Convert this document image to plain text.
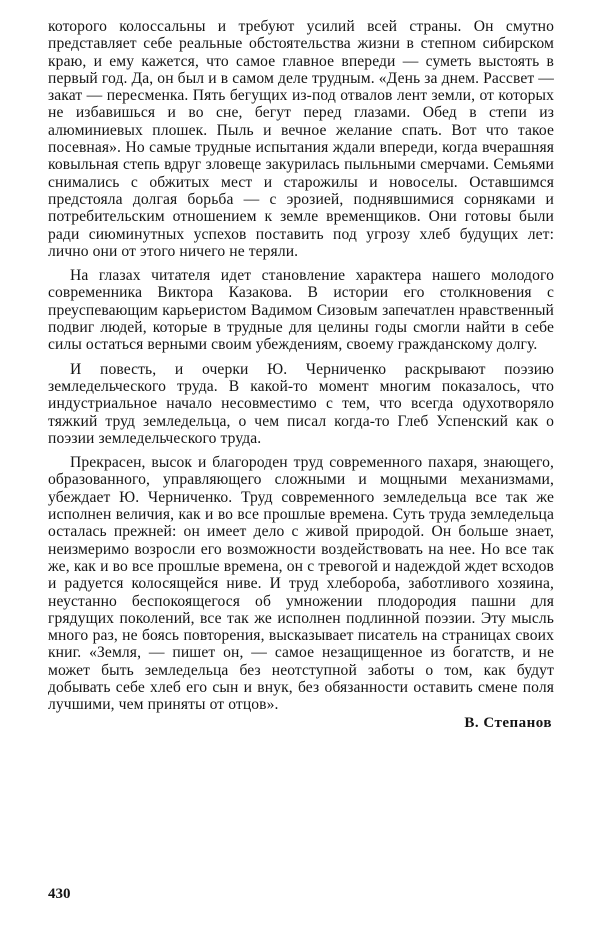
которого колоссальны и требуют усилий всей страны. Он смутно представляет себе реальные обстоятельства жизни в степном сибирском краю, и ему кажется, что самое главное впереди — суметь выстоять в первый год. Да, он был и в самом деле трудным. «День за днем. Рассвет — закат — пересменка. Пять бегущих из-под отвалов лент земли, от которых не избавишься и во сне, бегут перед глазами. Обед в степи из алюминиевых плошек. Пыль и вечное желание спать. Вот что такое посевная». Но самые трудные испытания ждали впереди, когда вчерашняя ковыльная степь вдруг зловеще закурилась пыльными смерчами. Семьями снимались с обжитых мест и старожилы и новоселы. Оставшимся предстояла долгая борьба — с эрозией, поднявшимися сорняками и потребительским отношением к земле временщиков. Они готовы были ради сиюминутных успехов поставить под угрозу хлеб будущих лет: лично они от этого ничего не теряли.

На глазах читателя идет становление характера нашего молодого современника Виктора Казакова. В истории его столкновения с преуспевающим карьеристом Вадимом Сизовым запечатлен нравственный подвиг людей, которые в трудные для целины годы смогли найти в себе силы остаться верными своим убеждениям, своему гражданскому долгу.

И повесть, и очерки Ю. Черниченко раскрывают поэзию земледельческого труда. В какой-то момент многим показалось, что индустриальное начало несовместимо с тем, что всегда одухотворяло тяжкий труд земледельца, о чем писал когда-то Глеб Успенский как о поэзии земледельческого труда.

Прекрасен, высок и благороден труд современного пахаря, знающего, образованного, управляющего сложными и мощными механизмами, убеждает Ю. Черниченко. Труд современного земледельца все так же исполнен величия, как и во все прошлые времена. Суть труда земледельца осталась прежней: он имеет дело с живой природой. Он больше знает, неизмеримо возросли его возможности воздействовать на нее. Но все так же, как и во все прошлые времена, он с тревогой и надеждой ждет всходов и радуется колосящейся ниве. И труд хлебороба, заботливого хозяина, неустанно беспокоящегося об умножении плодородия пашни для грядущих поколений, все так же исполнен подлинной поэзии. Эту мысль много раз, не боясь повторения, высказывает писатель на страницах своих книг. «Земля, — пишет он, — самое незащищенное из богатств, и не может быть земледельца без неотступной заботы о том, как будут добывать себе хлеб его сын и внук, без обязанности оставить смене поля лучшими, чем приняты от отцов».

В. Степанов
430
